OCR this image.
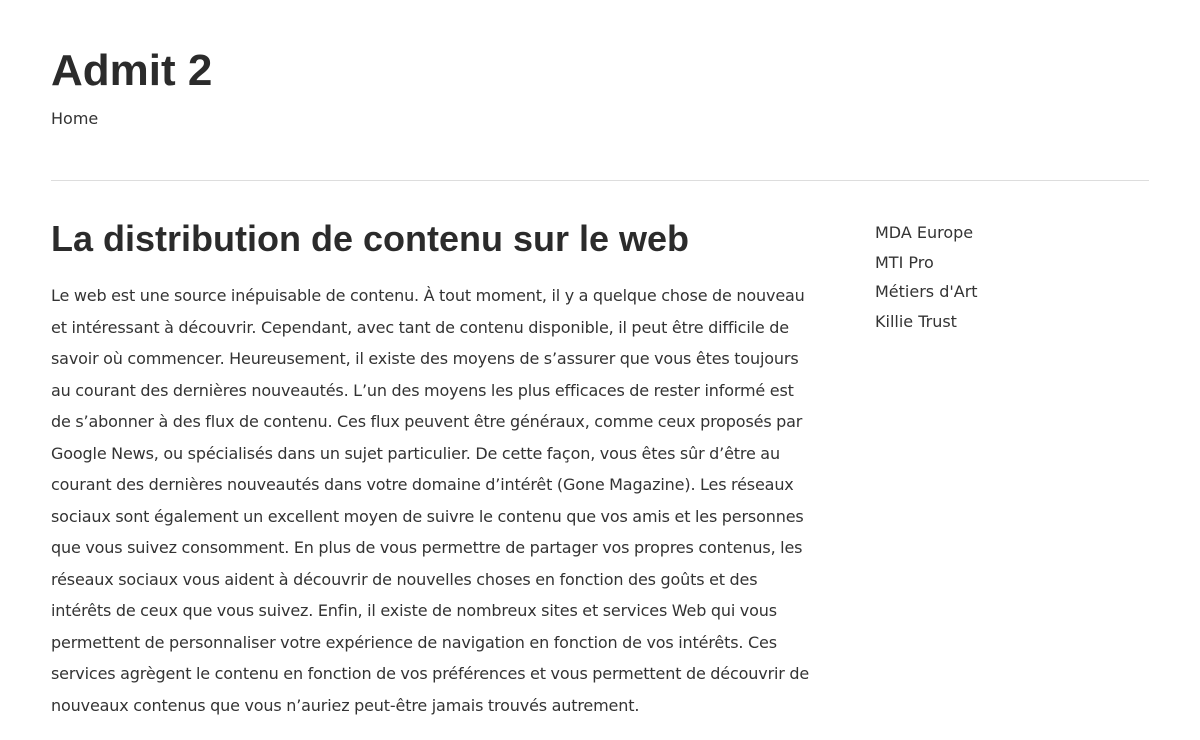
Admit 2
Home
La distribution de contenu sur le web

Le web est une source inépuisable de contenu. À tout moment, il y a quelque chose de nouveau et intéressant à découvrir. Cependant, avec tant de contenu disponible, il peut être difficile de savoir où commencer. Heureusement, il existe des moyens de s’assurer que vous êtes toujours au courant des dernières nouveautés. L’un des moyens les plus efficaces de rester informé est de s’abonner à des flux de contenu. Ces flux peuvent être généraux, comme ceux proposés par Google News, ou spécialisés dans un sujet particulier. De cette façon, vous êtes sûr d’être au courant des dernières nouveautés dans votre domaine d’intérêt (Gone Magazine). Les réseaux sociaux sont également un excellent moyen de suivre le contenu que vos amis et les personnes que vous suivez consomment. En plus de vous permettre de partager vos propres contenus, les réseaux sociaux vous aident à découvrir de nouvelles choses en fonction des goûts et des intérêts de ceux que vous suivez. Enfin, il existe de nombreux sites et services Web qui vous permettent de personnaliser votre expérience de navigation en fonction de vos intérêts. Ces services agrègent le contenu en fonction de vos préférences et vous permettent de découvrir de nouveaux contenus que vous n’auriez peut-être jamais trouvés autrement.

MDA Europe
MTI Pro
Métiers d'Art
Killie Trust
